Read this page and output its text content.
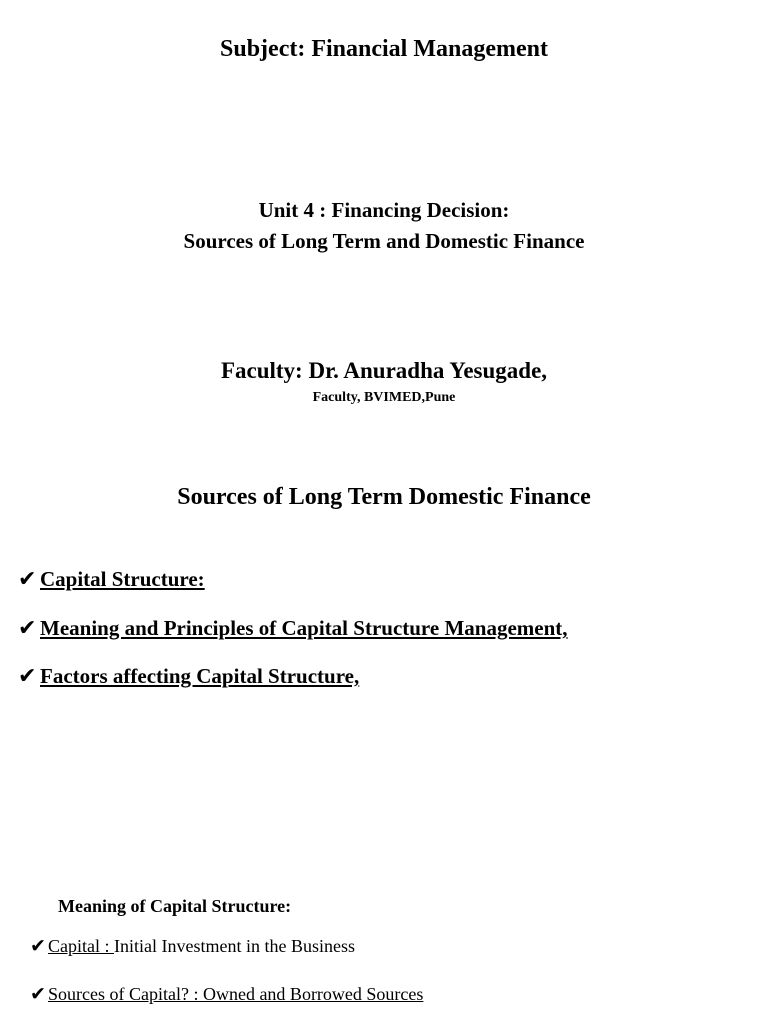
Subject: Financial Management
Unit 4 : Financing Decision:
Sources of Long Term and Domestic Finance
Faculty: Dr. Anuradha Yesugade,
Faculty, BVIMED,Pune
Sources of Long Term Domestic Finance
✔ Capital Structure:
✔ Meaning and Principles of Capital Structure Management,
✔ Factors affecting Capital Structure,
Meaning of Capital Structure:
✔ Capital : Initial Investment in the Business
✔ Sources of Capital? : Owned and Borrowed Sources
